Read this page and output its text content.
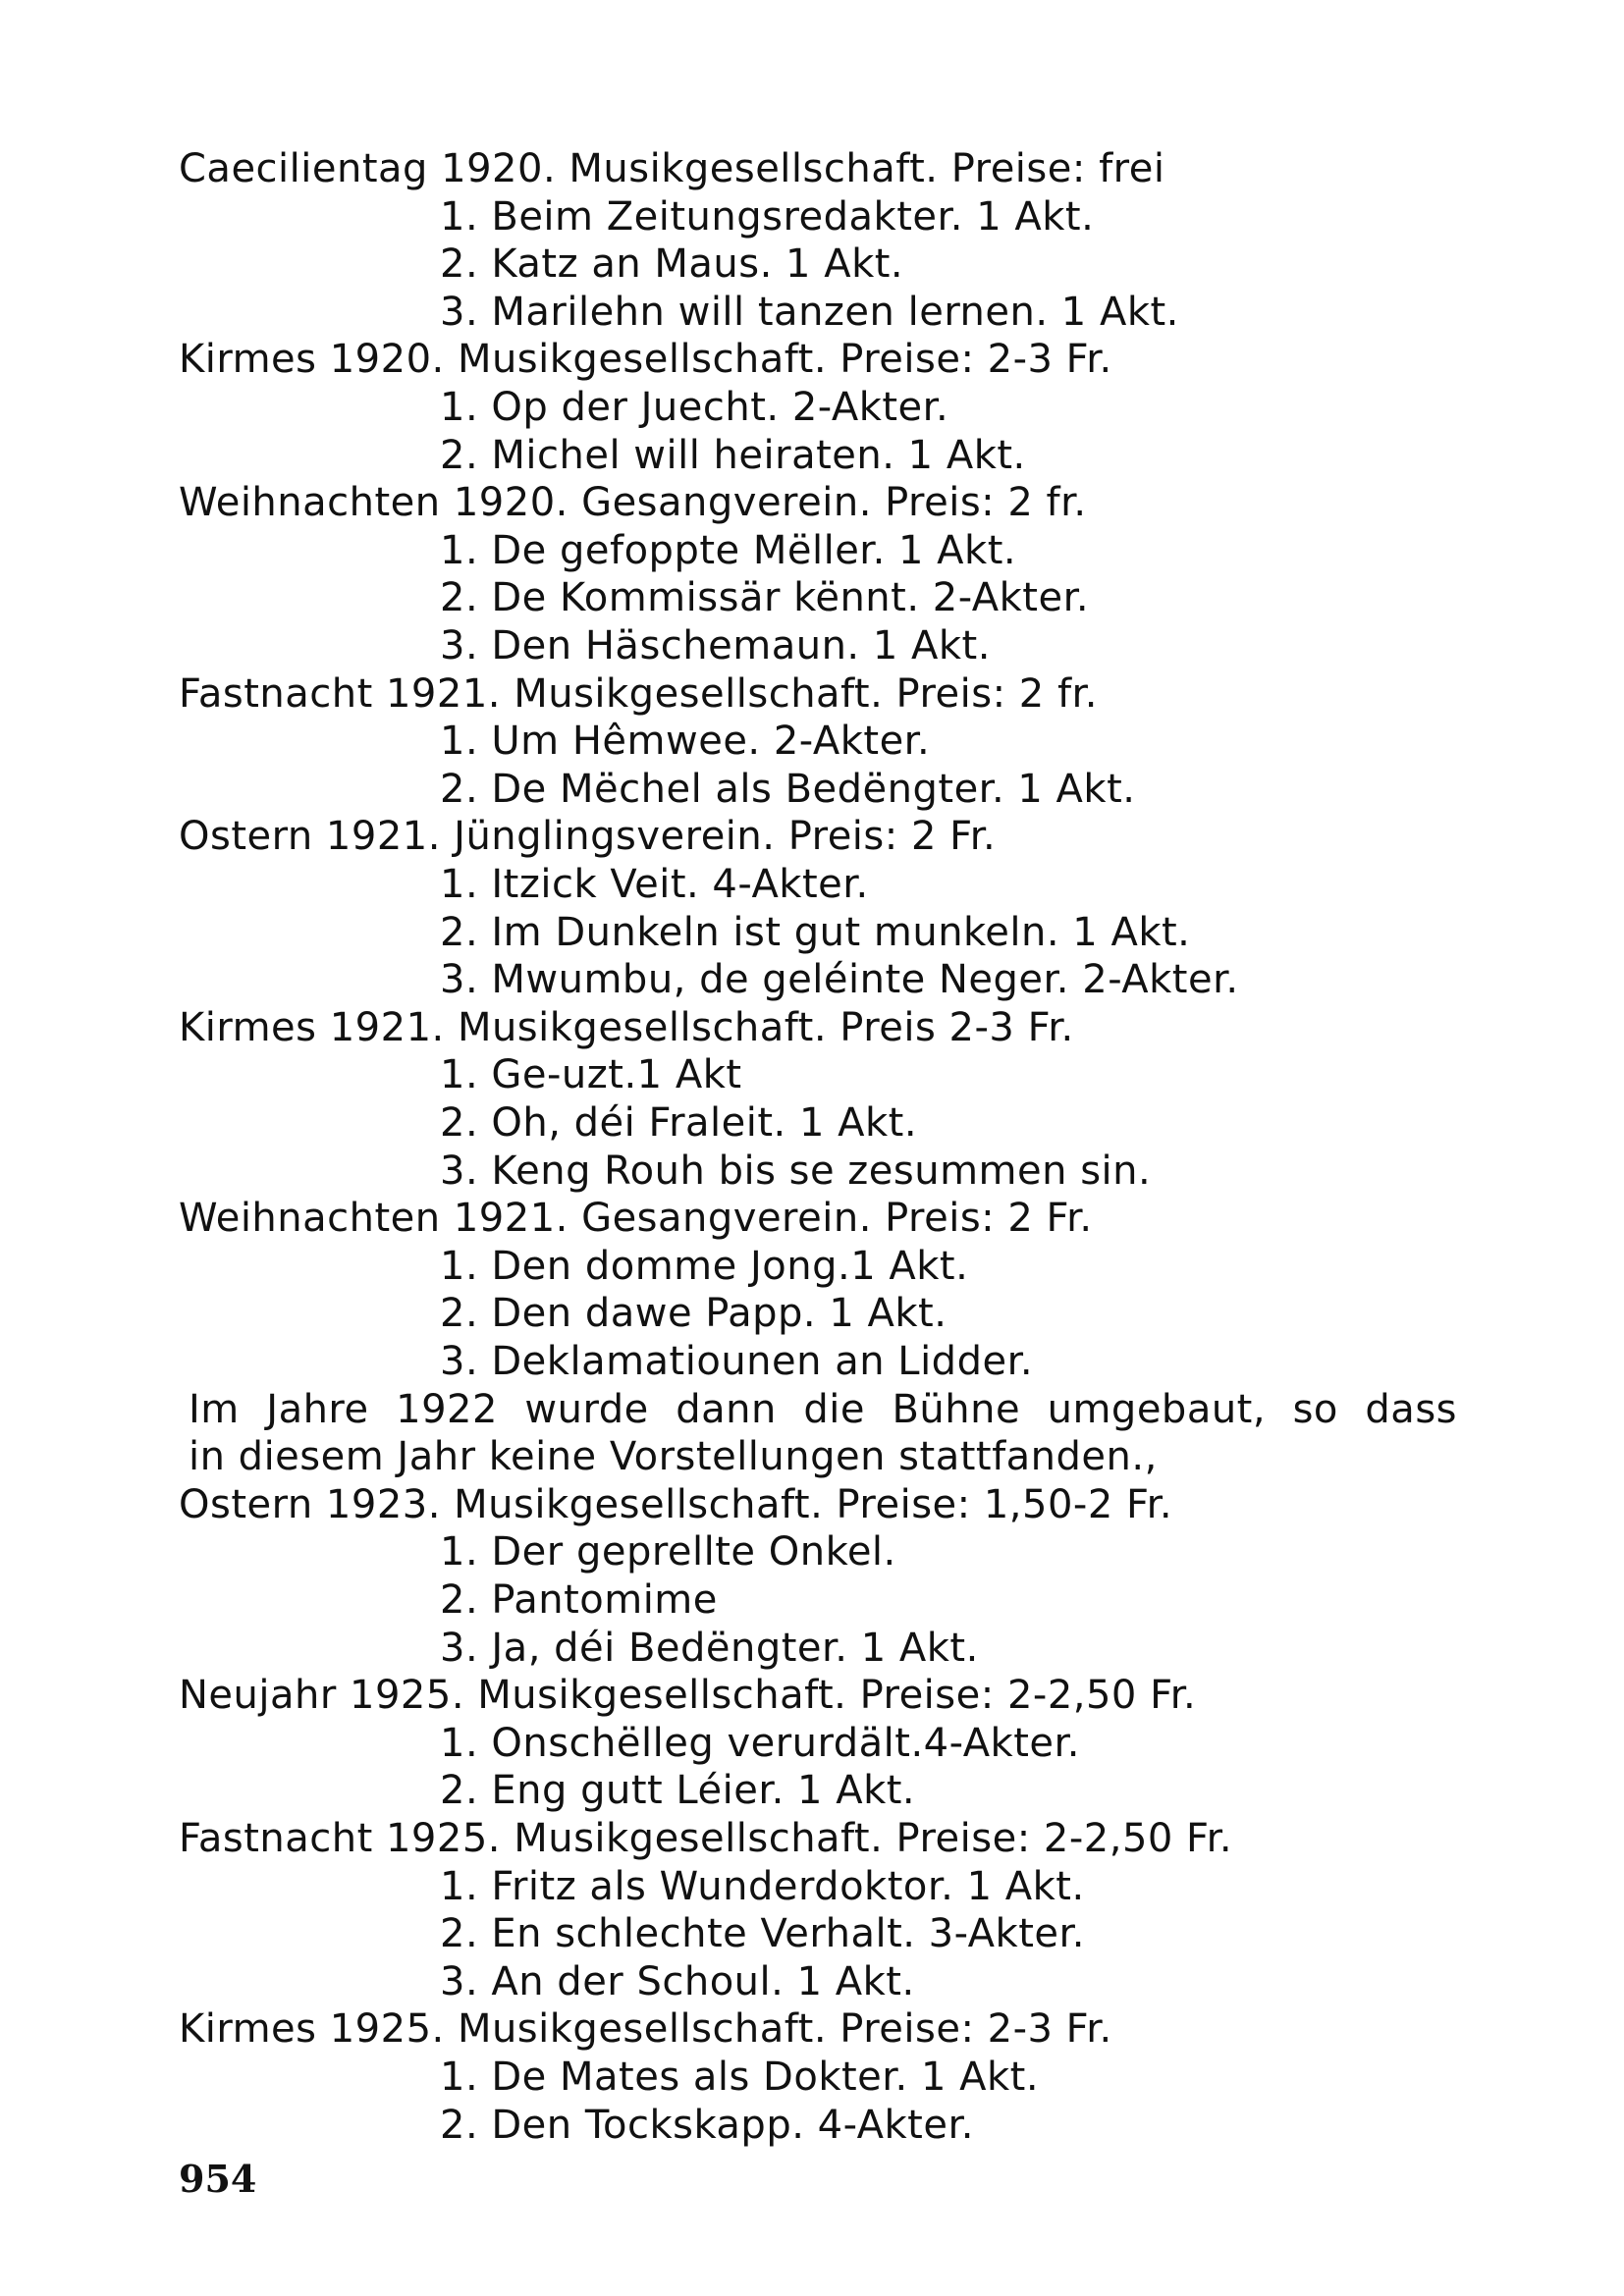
Caecilientag 1920. Musikgesellschaft. Preise: frei
1. Beim Zeitungsredakter. 1 Akt.
2. Katz an Maus. 1 Akt.
3. Marilehn will tanzen lernen. 1 Akt.
Kirmes 1920. Musikgesellschaft. Preise: 2-3 Fr.
1. Op der Juecht. 2-Akter.
2. Michel will heiraten. 1 Akt.
Weihnachten 1920. Gesangverein. Preis: 2 fr.
1. De gefoppte Mëller. 1 Akt.
2. De Kommissär kënnt. 2-Akter.
3. Den Häschemaun. 1 Akt.
Fastnacht 1921. Musikgesellschaft. Preis: 2 fr.
1. Um Hêmwee. 2-Akter.
2. De Mëchel als Bedëngter. 1 Akt.
Ostern 1921. Jünglingsverein. Preis: 2 Fr.
1. Itzick Veit. 4-Akter.
2. Im Dunkeln ist gut munkeln. 1 Akt.
3. Mwumbu, de geléinte Neger. 2-Akter.
Kirmes 1921. Musikgesellschaft. Preis 2-3 Fr.
1. Ge-uzt.1 Akt
2. Oh, déi Fraleit. 1 Akt.
3. Keng Rouh bis se zesummen sin.
Weihnachten 1921. Gesangverein. Preis: 2 Fr.
1. Den domme Jong.1 Akt.
2. Den dawe Papp. 1 Akt.
3. Deklamatiounen an Lidder.
Im Jahre 1922 wurde dann die Bühne umgebaut, so dass
in diesem Jahr keine Vorstellungen stattfanden.,
Ostern 1923. Musikgesellschaft. Preise: 1,50-2 Fr.
1. Der geprellte Onkel.
2. Pantomime
3. Ja, déi Bedëngter. 1 Akt.
Neujahr 1925. Musikgesellschaft. Preise: 2-2,50 Fr.
1. Onschëlleg verurdält.4-Akter.
2. Eng gutt Léier. 1 Akt.
Fastnacht 1925. Musikgesellschaft. Preise: 2-2,50 Fr.
1. Fritz als Wunderdoktor. 1 Akt.
2. En schlechte Verhalt. 3-Akter.
3. An der Schoul. 1 Akt.
Kirmes 1925. Musikgesellschaft. Preise: 2-3 Fr.
1. De Mates als Dokter. 1 Akt.
2. Den Tockskapp. 4-Akter.
954
